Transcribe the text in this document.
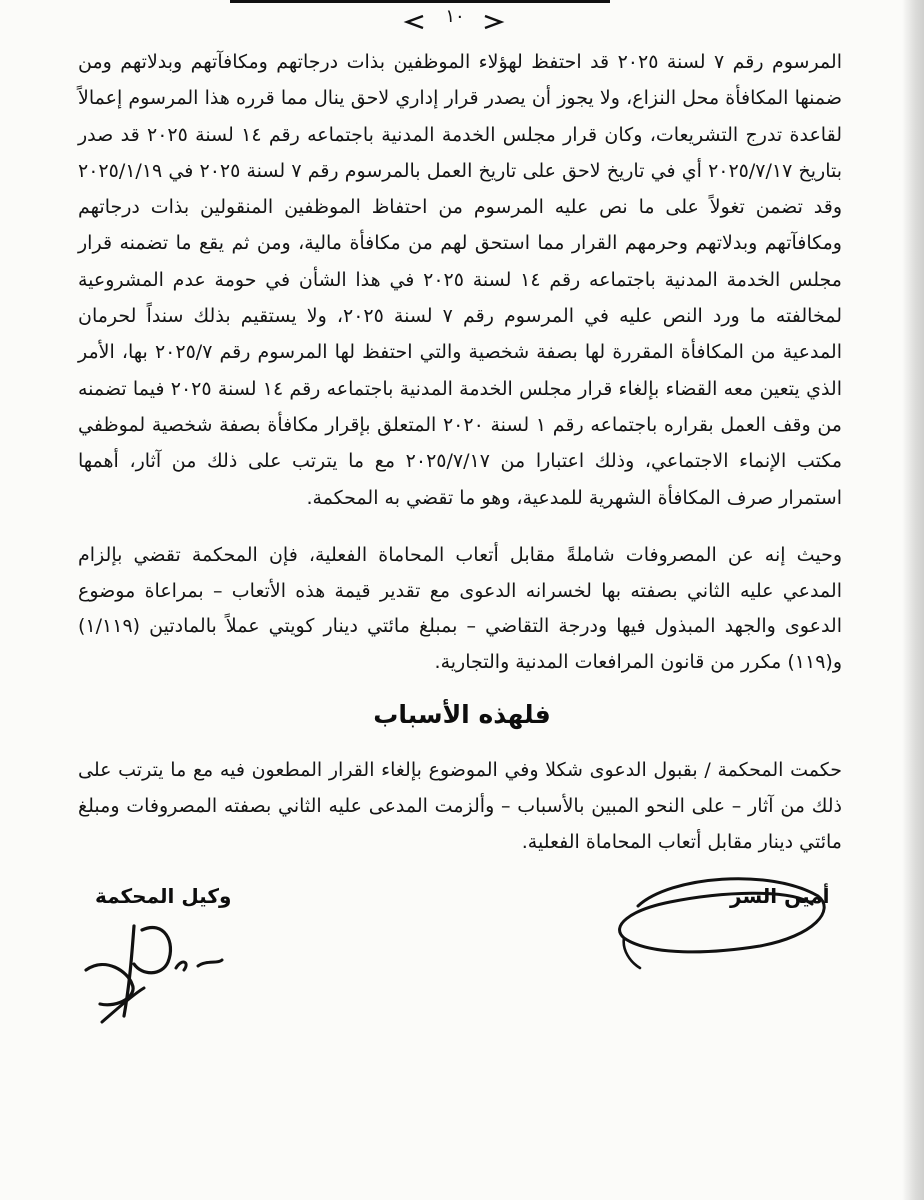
١٠

المرسوم رقم ٧ لسنة ٢٠٢٥ قد احتفظ لهؤلاء الموظفين بذات درجاتهم ومكافآتهم وبدلاتهم ومن ضمنها المكافأة محل النزاع، ولا يجوز أن يصدر قرار إداري لاحق ينال مما قرره هذا المرسوم إعمالاً لقاعدة تدرج التشريعات، وكان قرار مجلس الخدمة المدنية باجتماعه رقم ١٤ لسنة ٢٠٢٥ قد صدر بتاريخ ٢٠٢٥/٧/١٧ أي في تاريخ لاحق على تاريخ العمل بالمرسوم رقم ٧ لسنة ٢٠٢٥ في ٢٠٢٥/١/١٩ وقد تضمن تغولاً على ما نص عليه المرسوم من احتفاظ الموظفين المنقولين بذات درجاتهم ومكافآتهم وبدلاتهم وحرمهم القرار مما استحق لهم من مكافأة مالية، ومن ثم يقع ما تضمنه قرار مجلس الخدمة المدنية باجتماعه رقم ١٤ لسنة ٢٠٢٥ في هذا الشأن في حومة عدم المشروعية لمخالفته ما ورد النص عليه في المرسوم رقم ٧ لسنة ٢٠٢٥، ولا يستقيم بذلك سنداً لحرمان المدعية من المكافأة المقررة لها بصفة شخصية والتي احتفظ لها المرسوم رقم ٢٠٢٥/٧ بها، الأمر الذي يتعين معه القضاء بإلغاء قرار مجلس الخدمة المدنية باجتماعه رقم ١٤ لسنة ٢٠٢٥ فيما تضمنه من وقف العمل بقراره باجتماعه رقم ١ لسنة ٢٠٢٠ المتعلق بإقرار مكافأة بصفة شخصية لموظفي مكتب الإنماء الاجتماعي، وذلك اعتبارا من ٢٠٢٥/٧/١٧ مع ما يترتب على ذلك من آثار، أهمها استمرار صرف المكافأة الشهرية للمدعية، وهو ما تقضي به المحكمة.

وحيث إنه عن المصروفات شاملةً مقابل أتعاب المحاماة الفعلية، فإن المحكمة تقضي بإلزام المدعي عليه الثاني بصفته بها لخسرانه الدعوى مع تقدير قيمة هذه الأتعاب – بمراعاة موضوع الدعوى والجهد المبذول فيها ودرجة التقاضي – بمبلغ مائتي دينار كويتي عملاً بالمادتين (١/١١٩) و(١١٩) مكرر من قانون المرافعات المدنية والتجارية.

فلهذه الأسباب

حكمت المحكمة / بقبول الدعوى شكلا وفي الموضوع بإلغاء القرار المطعون فيه مع ما يترتب على ذلك من آثار – على النحو المبين بالأسباب – وألزمت المدعى عليه الثاني بصفته المصروفات ومبلغ مائتي دينار مقابل أتعاب المحاماة الفعلية.

أمين السر
وكيل المحكمة
